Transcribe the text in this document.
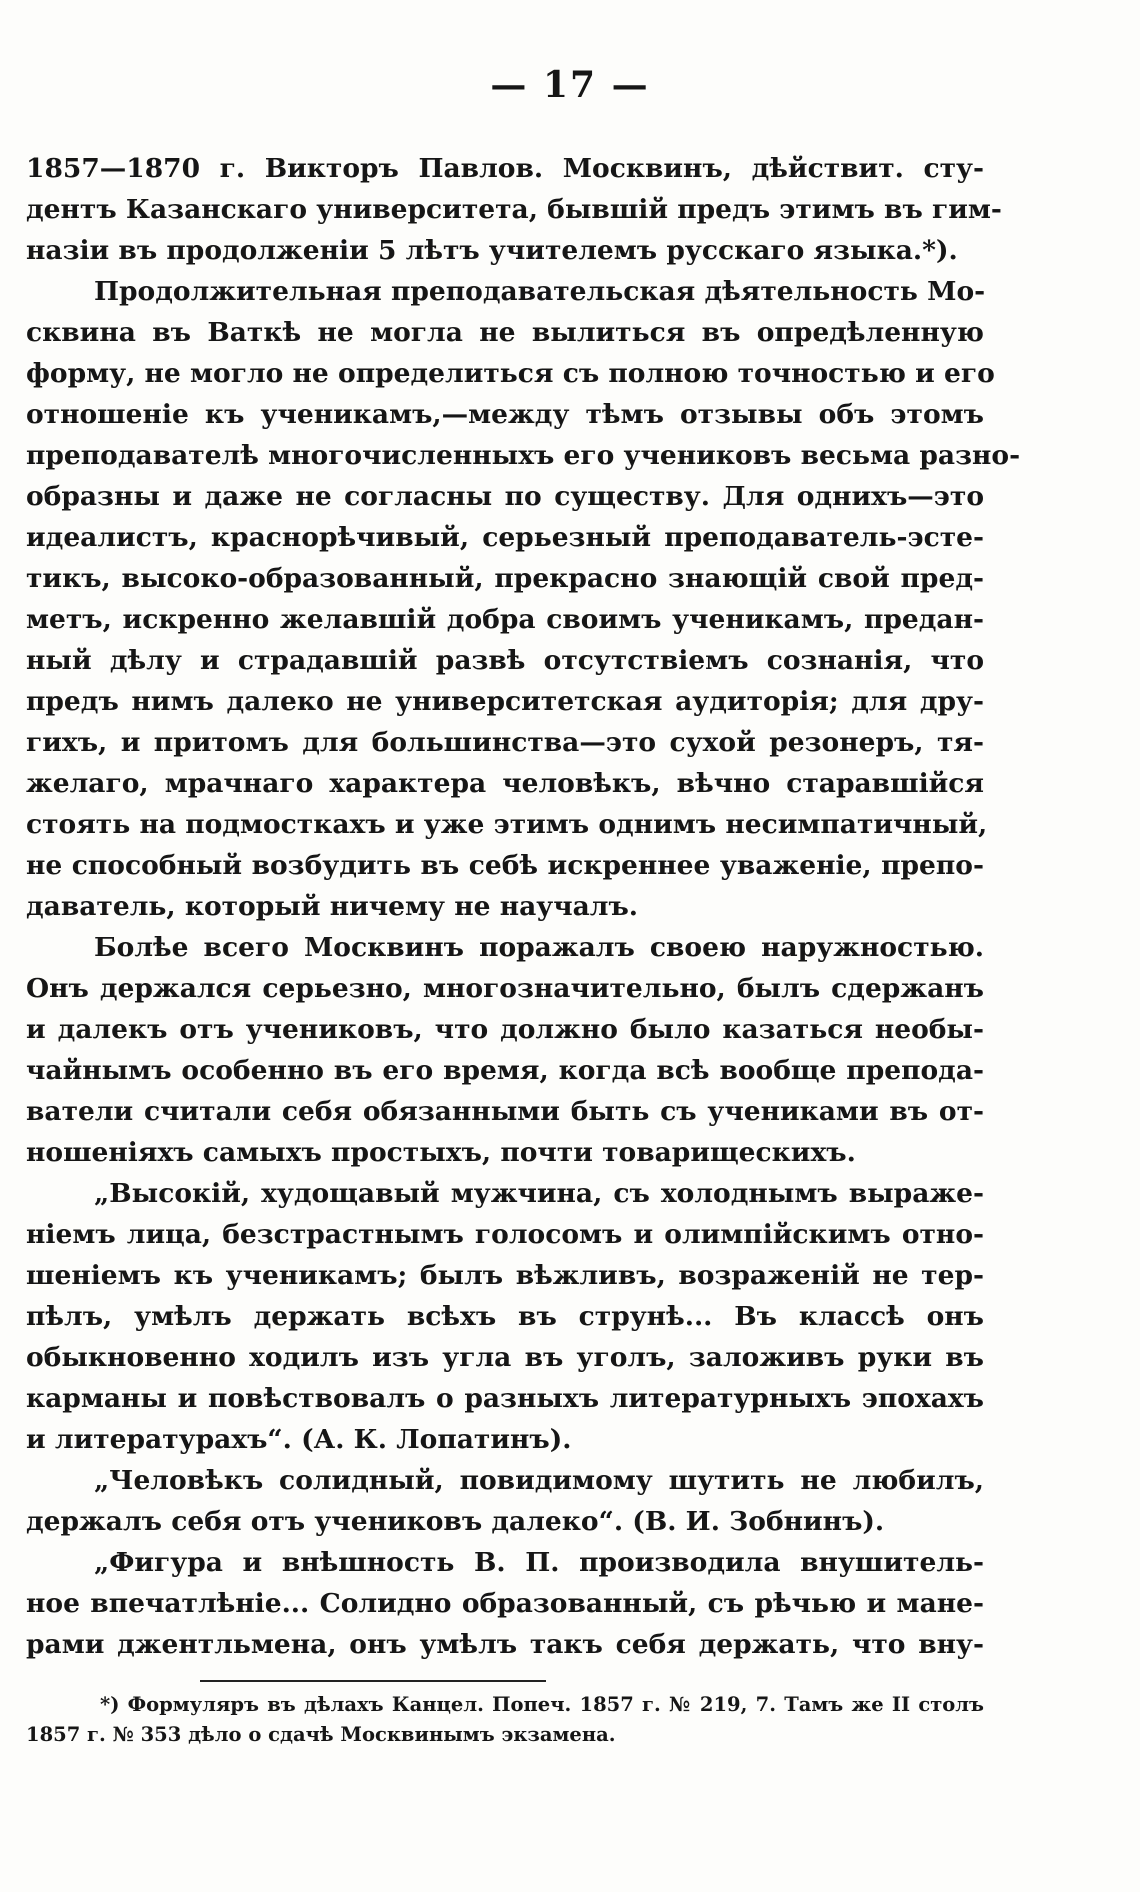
— 17 —
1857—1870 г. Викторъ Павлов. Москвинъ, дѣйствит. сту-
дентъ Казанскаго университета, бывшій предъ этимъ въ гим-
назіи въ продолженіи 5 лѣтъ учителемъ русскаго языка.*).
Продолжительная преподавательская дѣятельность Мо-
сквина въ Ваткѣ не могла не вылиться въ опредѣленную
форму, не могло не определиться съ полною точностью и его
отношеніе къ ученикамъ,—между тѣмъ отзывы объ этомъ
преподавателѣ многочисленныхъ его учениковъ весьма разно-
образны и даже не согласны по существу. Для однихъ—это
идеалистъ, краснорѣчивый, серьезный преподаватель-эсте-
тикъ, высоко-образованный, прекрасно знающій свой пред-
метъ, искренно желавшій добра своимъ ученикамъ, предан-
ный дѣлу и страдавшій развѣ отсутствіемъ сознанія, что
предъ нимъ далеко не университетская аудиторія; для дру-
гихъ, и притомъ для большинства—это сухой резонеръ, тя-
желаго, мрачнаго характера человѣкъ, вѣчно старавшійся
стоять на подмосткахъ и уже этимъ однимъ несимпатичный,
не способный возбудить въ себѣ искреннее уваженіе, препо-
даватель, который ничему не научалъ.
Болѣе всего Москвинъ поражалъ своею наружностью.
Онъ держался серьезно, многозначительно, былъ сдержанъ
и далекъ отъ учениковъ, что должно было казаться необы-
чайнымъ особенно въ его время, когда всѣ вообще препода-
ватели считали себя обязанными быть съ учениками въ от-
ношеніяхъ самыхъ простыхъ, почти товарищескихъ.
„Высокій, худощавый мужчина, съ холоднымъ выраже-
ніемъ лица, безстрастнымъ голосомъ и олимпійскимъ отно-
шеніемъ къ ученикамъ; былъ вѣжливъ, возраженій не тер-
пѣлъ, умѣлъ держать всѣхъ въ струнѣ... Въ классѣ онъ
обыкновенно ходилъ изъ угла въ уголъ, заложивъ руки въ
карманы и повѣствовалъ о разныхъ литературныхъ эпохахъ
и литературахъ“. (А. К. Лопатинъ).
„Человѣкъ солидный, повидимому шутить не любилъ,
держалъ себя отъ учениковъ далеко“. (В. И. Зобнинъ).
„Фигура и внѣшность В. П. производила внушитель-
ное впечатлѣніе... Солидно образованный, съ рѣчью и мане-
рами джентльмена, онъ умѣлъ такъ себя держать, что вну-
*) Формуляръ въ дѣлахъ Канцел. Попеч. 1857 г. № 219, 7. Тамъ же II столъ
1857 г. № 353 дѣло о сдачѣ Москвинымъ экзамена.
